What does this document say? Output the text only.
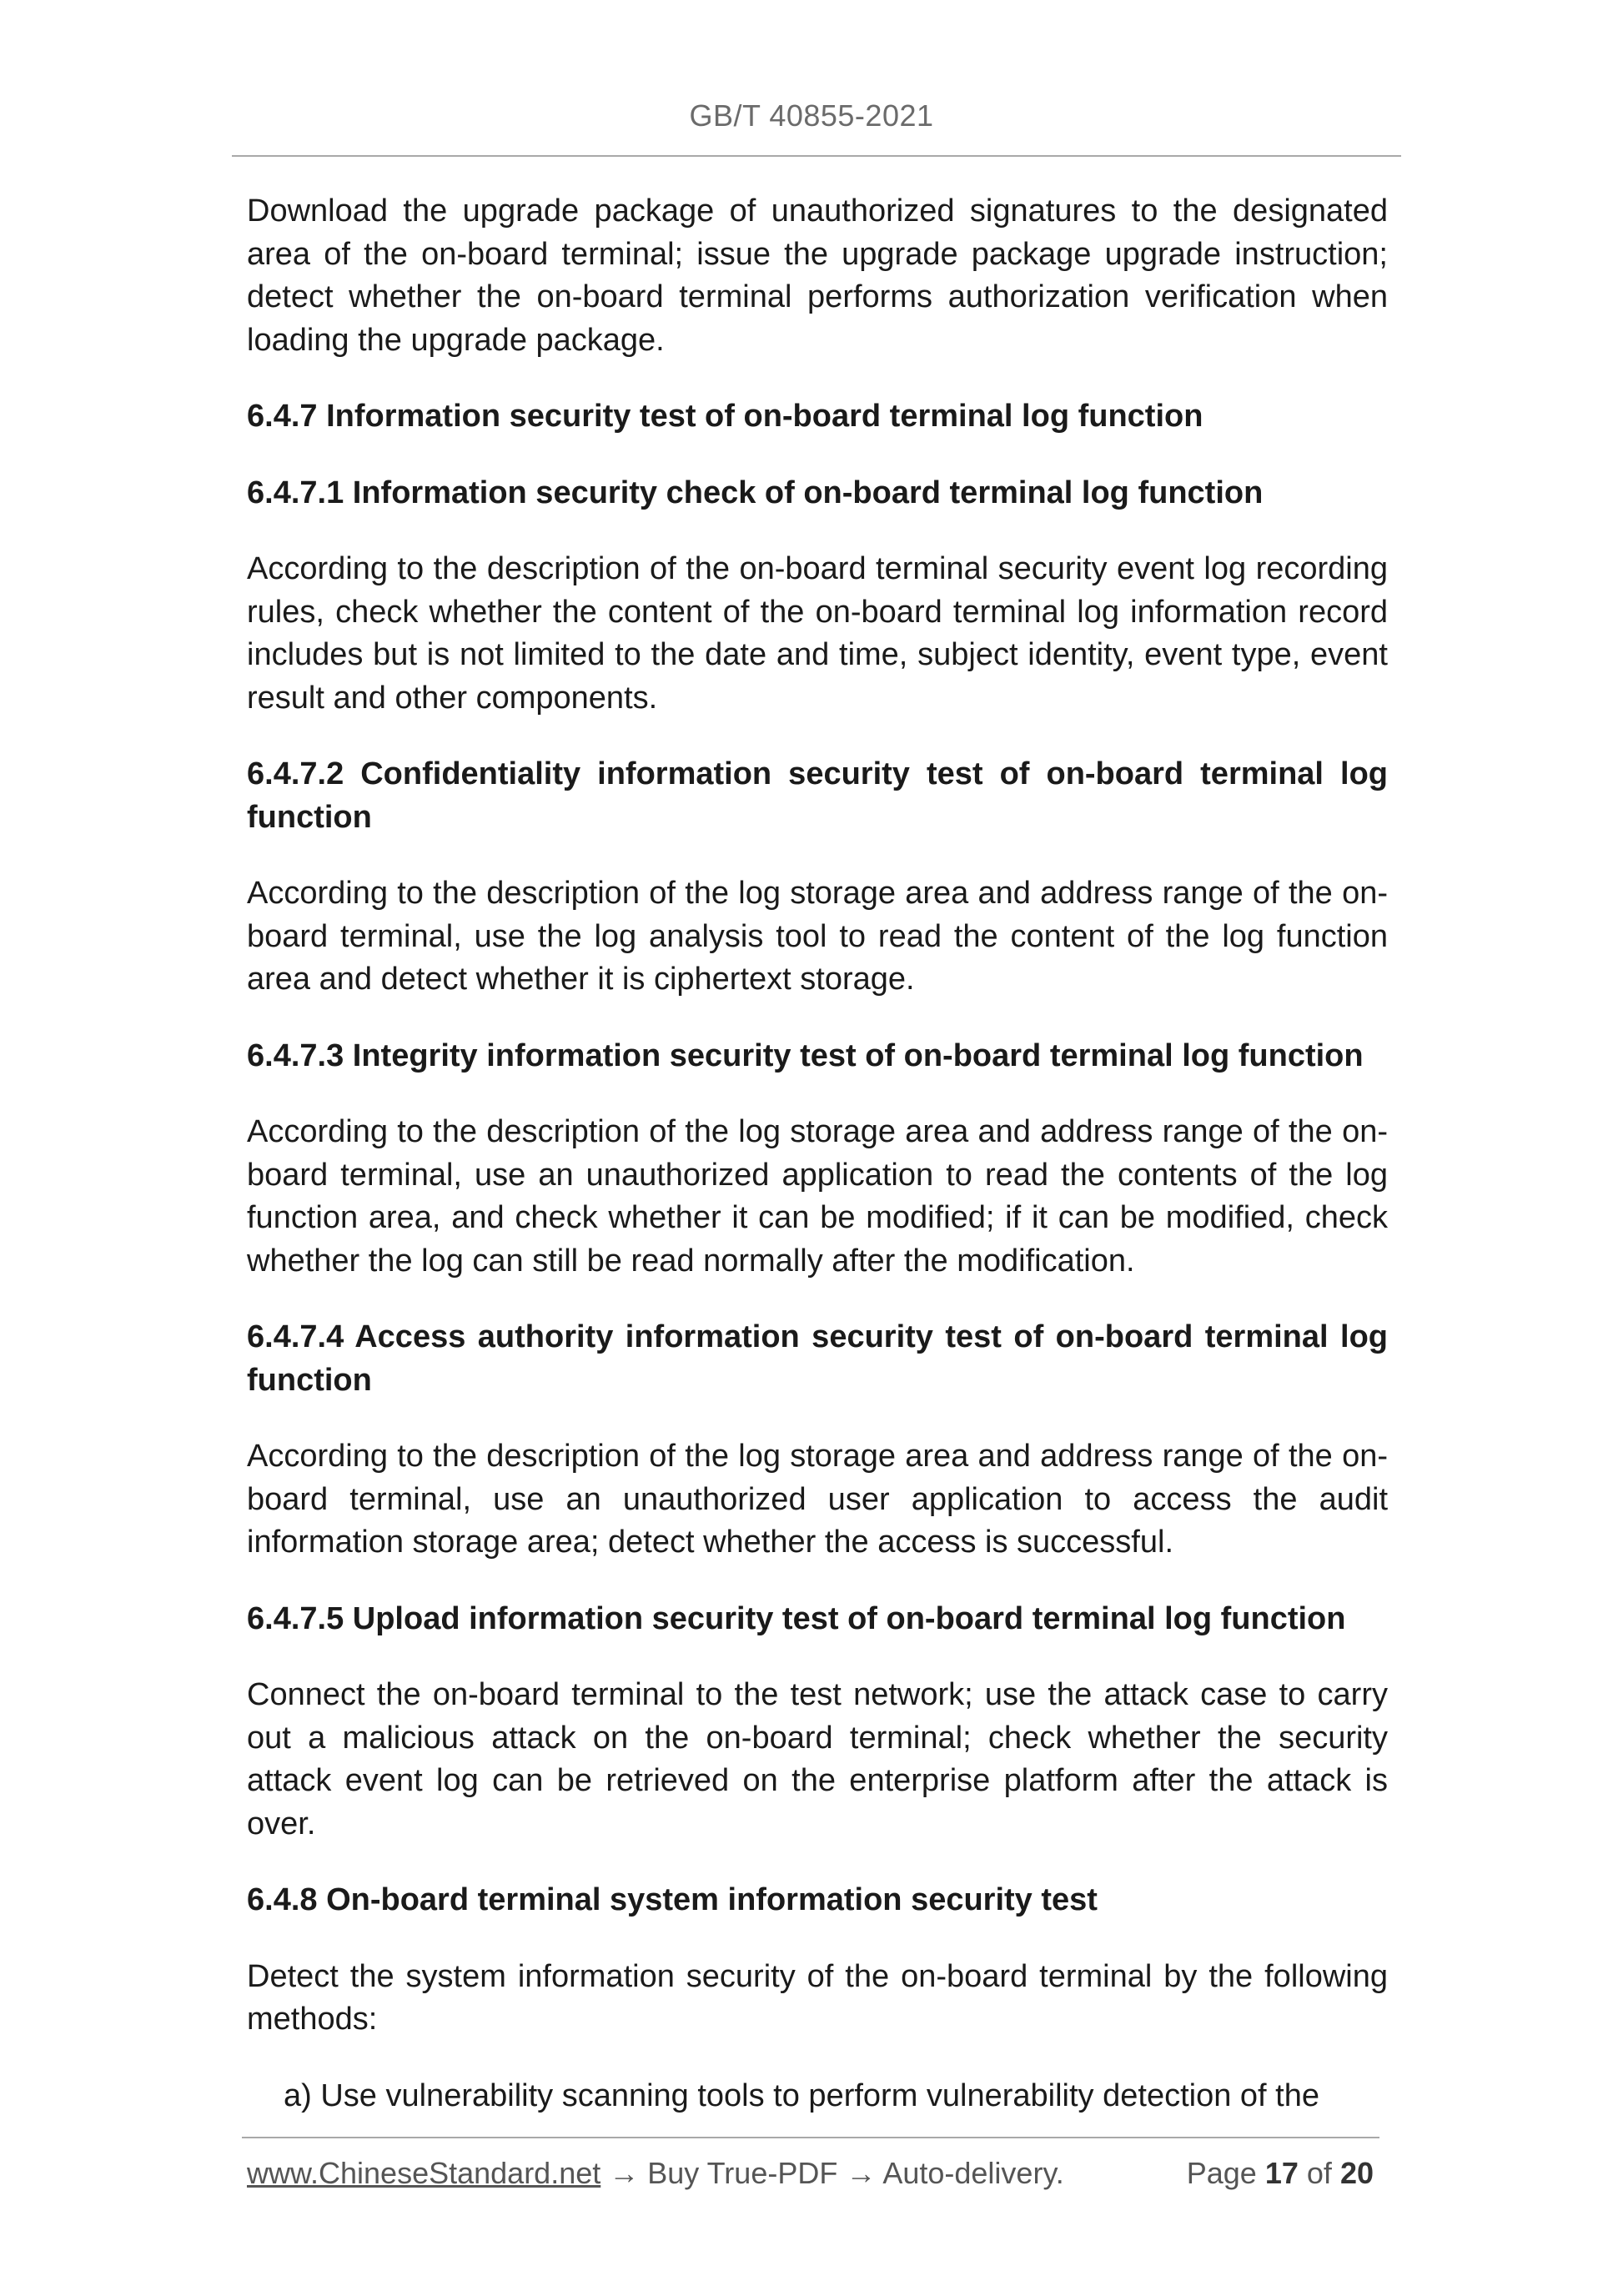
GB/T 40855-2021

Download the upgrade package of unauthorized signatures to the designated area of the on-board terminal; issue the upgrade package upgrade instruction; detect whether the on-board terminal performs authorization verification when loading the upgrade package.

6.4.7 Information security test of on-board terminal log function

6.4.7.1 Information security check of on-board terminal log function

According to the description of the on-board terminal security event log recording rules, check whether the content of the on-board terminal log information record includes but is not limited to the date and time, subject identity, event type, event result and other components.

6.4.7.2 Confidentiality information security test of on-board terminal log function

According to the description of the log storage area and address range of the on-board terminal, use the log analysis tool to read the content of the log function area and detect whether it is ciphertext storage.

6.4.7.3 Integrity information security test of on-board terminal log function

According to the description of the log storage area and address range of the on-board terminal, use an unauthorized application to read the contents of the log function area, and check whether it can be modified; if it can be modified, check whether the log can still be read normally after the modification.

6.4.7.4 Access authority information security test of on-board terminal log function

According to the description of the log storage area and address range of the on-board terminal, use an unauthorized user application to access the audit information storage area; detect whether the access is successful.

6.4.7.5 Upload information security test of on-board terminal log function

Connect the on-board terminal to the test network; use the attack case to carry out a malicious attack on the on-board terminal; check whether the security attack event log can be retrieved on the enterprise platform after the attack is over.

6.4.8 On-board terminal system information security test

Detect the system information security of the on-board terminal by the following methods:

a) Use vulnerability scanning tools to perform vulnerability detection of the

www.ChineseStandard.net → Buy True-PDF → Auto-delivery.	Page 17 of 20
